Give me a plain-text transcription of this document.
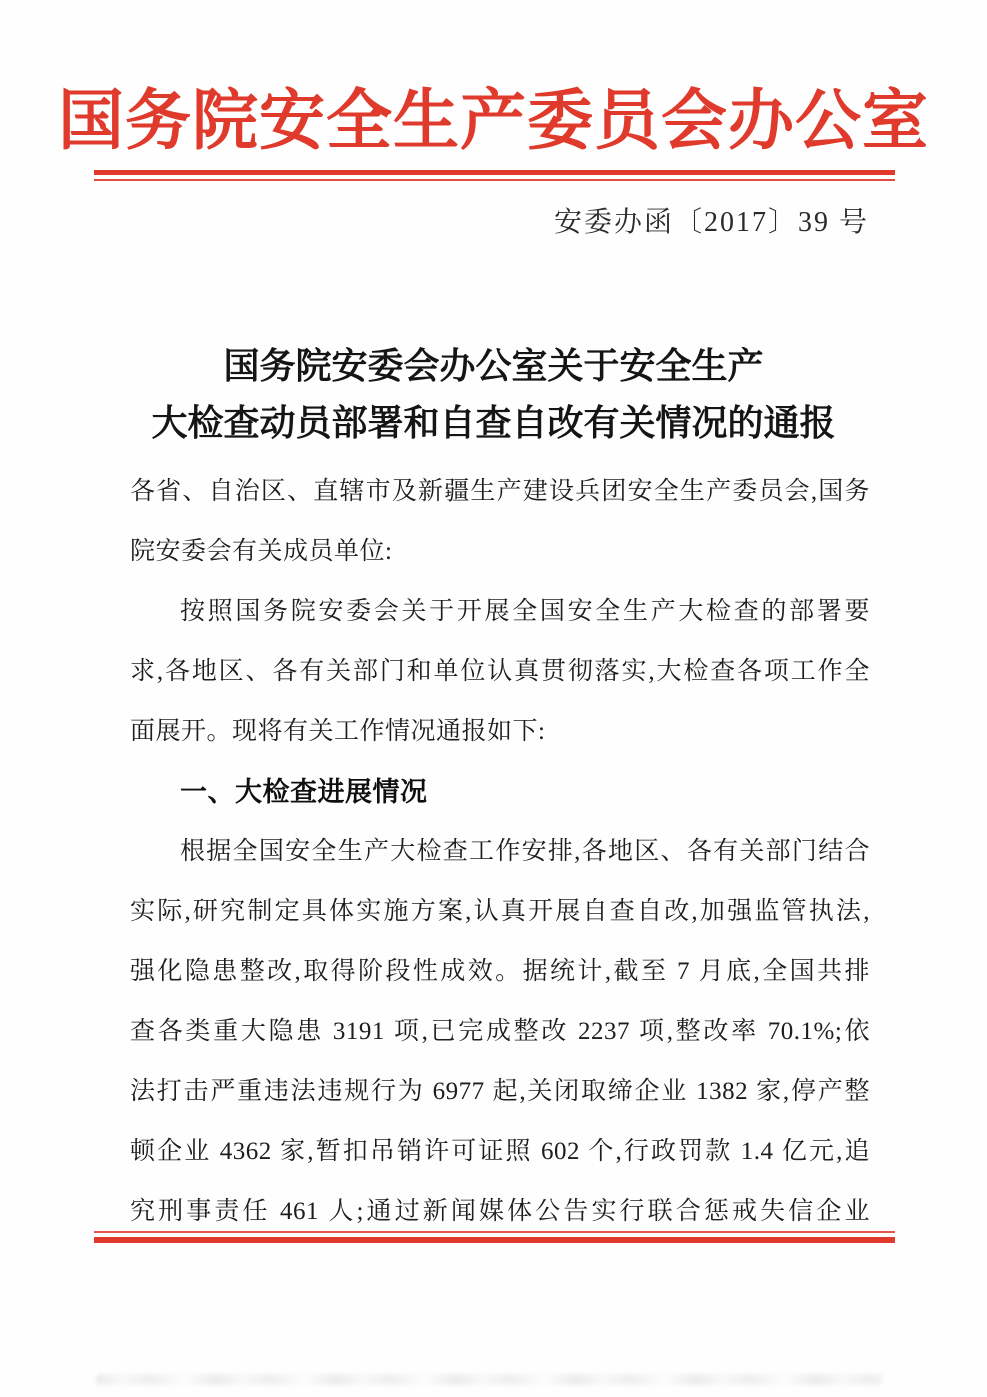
国务院安全生产委员会办公室
安委办函〔2017〕39 号
国务院安委会办公室关于安全生产
大检查动员部署和自查自改有关情况的通报
各省、自治区、直辖市及新疆生产建设兵团安全生产委员会,国务
院安委会有关成员单位:
按照国务院安委会关于开展全国安全生产大检查的部署要
求,各地区、各有关部门和单位认真贯彻落实,大检查各项工作全
面展开。现将有关工作情况通报如下:
一、大检查进展情况
根据全国安全生产大检查工作安排,各地区、各有关部门结合
实际,研究制定具体实施方案,认真开展自查自改,加强监管执法,
强化隐患整改,取得阶段性成效。据统计,截至 7 月底,全国共排
查各类重大隐患 3191 项,已完成整改 2237 项,整改率 70.1%;依
法打击严重违法违规行为 6977 起,关闭取缔企业 1382 家,停产整
顿企业 4362 家,暂扣吊销许可证照 602 个,行政罚款 1.4 亿元,追
究刑事责任 461 人;通过新闻媒体公告实行联合惩戒失信企业
